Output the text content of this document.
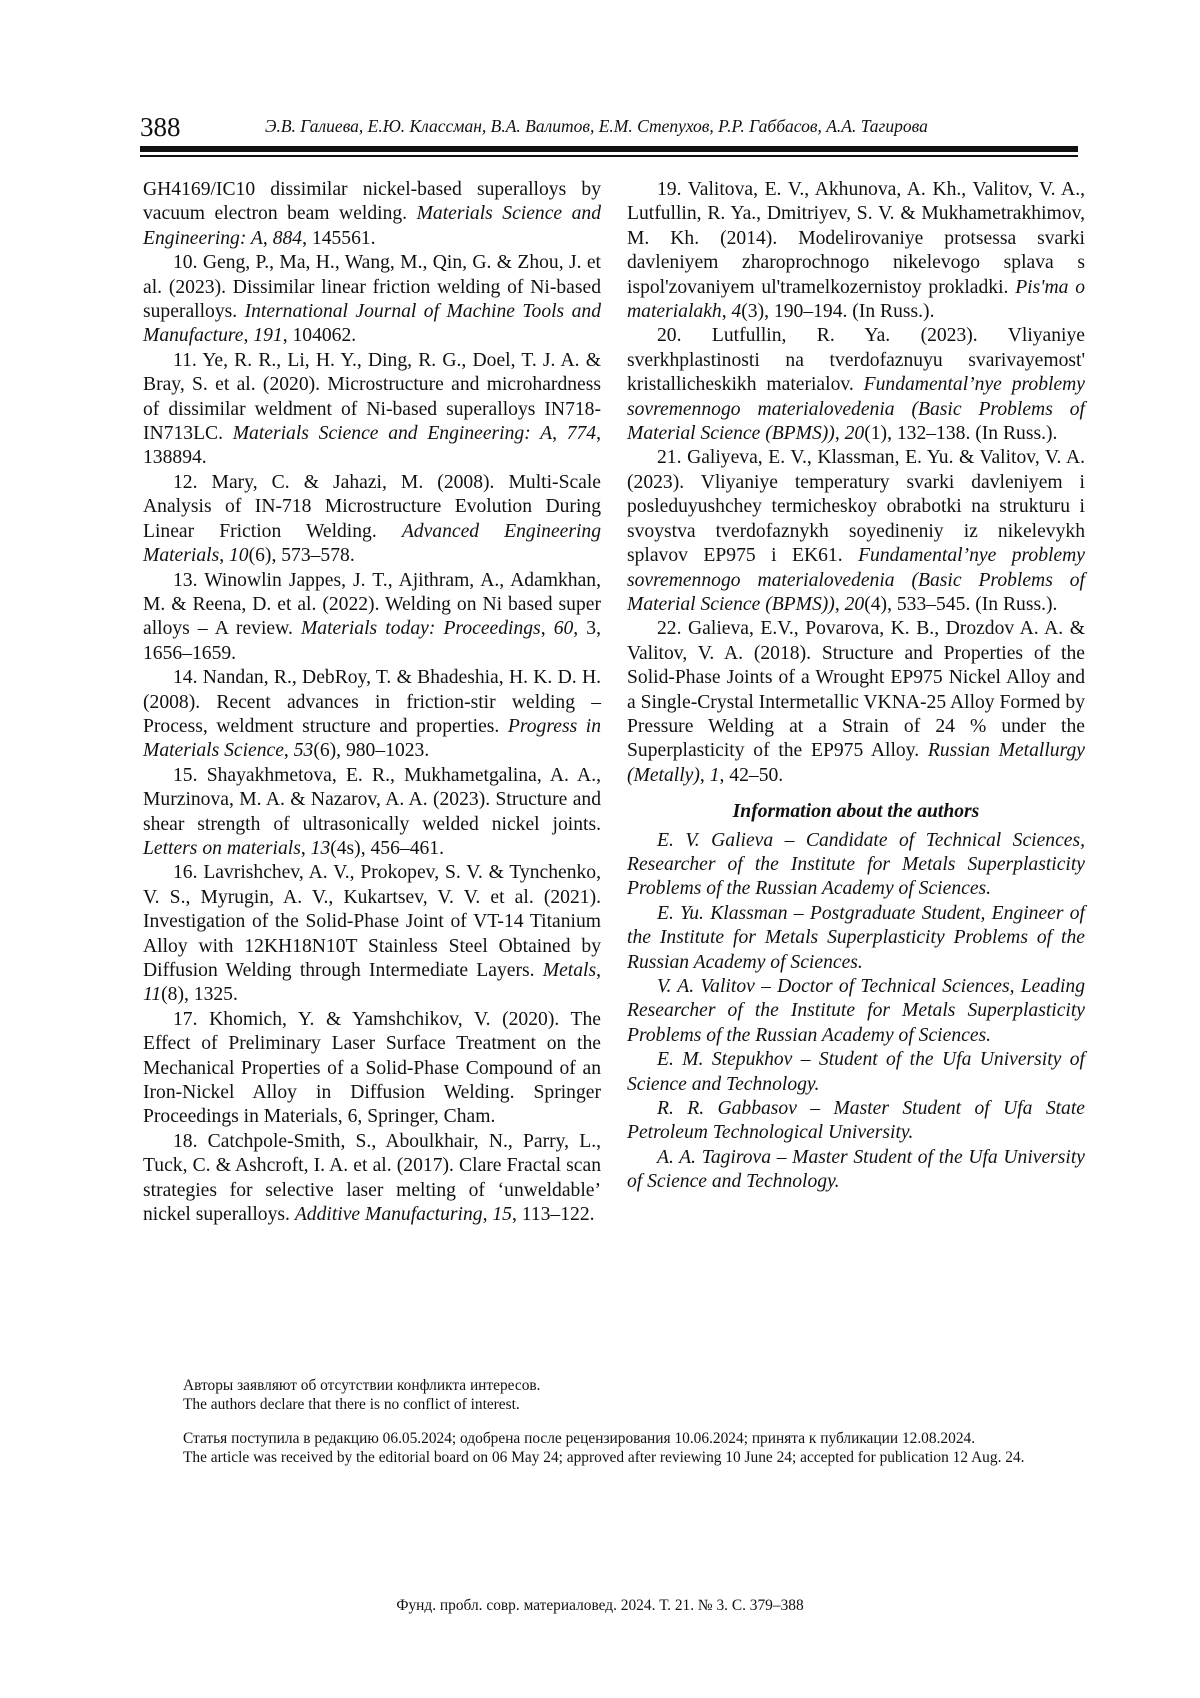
388	Э.В. Галиева, Е.Ю. Классман, В.А. Валитов, Е.М. Степухов, Р.Р. Габбасов, А.А. Тагирова
GH4169/IC10 dissimilar nickel-based superalloys by vacuum electron beam welding. Materials Science and Engineering: A, 884, 145561.
10. Geng, P., Ma, H., Wang, M., Qin, G. & Zhou, J. et al. (2023). Dissimilar linear friction welding of Ni-based superalloys. International Journal of Machine Tools and Manufacture, 191, 104062.
11. Ye, R. R., Li, H. Y., Ding, R. G., Doel, T. J. A. & Bray, S. et al. (2020). Microstructure and microhardness of dissimilar weldment of Ni-based superalloys IN718-IN713LC. Materials Science and Engineering: A, 774, 138894.
12. Mary, C. & Jahazi, M. (2008). Multi-Scale Analysis of IN-718 Microstructure Evolution During Linear Friction Welding. Advanced Engineering Materials, 10(6), 573–578.
13. Winowlin Jappes, J. T., Ajithram, A., Adamkhan, M. & Reena, D. et al. (2022). Welding on Ni based super alloys – A review. Materials today: Proceedings, 60, 3, 1656–1659.
14. Nandan, R., DebRoy, T. & Bhadeshia, H. K. D. H. (2008). Recent advances in friction-stir welding – Process, weldment structure and properties. Progress in Materials Science, 53(6), 980–1023.
15. Shayakhmetova, E. R., Mukhametgalina, A. A., Murzinova, M. A. & Nazarov, A. A. (2023). Structure and shear strength of ultrasonically welded nickel joints. Letters on materials, 13(4s), 456–461.
16. Lavrishchev, A. V., Prokopev, S. V. & Tynchenko, V. S., Myrugin, A. V., Kukartsev, V. V. et al. (2021). Investigation of the Solid-Phase Joint of VT-14 Titanium Alloy with 12KH18N10T Stainless Steel Obtained by Diffusion Welding through Intermediate Layers. Metals, 11(8), 1325.
17. Khomich, Y. & Yamshchikov, V. (2020). The Effect of Preliminary Laser Surface Treatment on the Mechanical Properties of a Solid-Phase Compound of an Iron-Nickel Alloy in Diffusion Welding. Springer Proceedings in Materials, 6, Springer, Cham.
18. Catchpole-Smith, S., Aboulkhair, N., Parry, L., Tuck, C. & Ashcroft, I. A. et al. (2017). Clare Fractal scan strategies for selective laser melting of ‘unweldable’ nickel superalloys. Additive Manufacturing, 15, 113–122.
19. Valitova, E. V., Akhunova, A. Kh., Valitov, V. A., Lutfullin, R. Ya., Dmitriyev, S. V. & Mukhametrakhimov, M. Kh. (2014). Modelirovaniye protsessa svarki davleniyem zharoprochnogo nikelevogo splava s ispol'zovaniyem ul'tramelkozernistoy prokladki. Pis'ma o materialakh, 4(3), 190–194. (In Russ.).
20. Lutfullin, R. Ya. (2023). Vliyaniye sverkhplastinosti na tverdofaznuyu svarivayemost' kristallicheskikh materialov. Fundamental’nye problemy sovremennogo materialovedenia (Basic Problems of Material Science (BPMS)), 20(1), 132–138. (In Russ.).
21. Galiyeva, E. V., Klassman, E. Yu. & Valitov, V. A. (2023). Vliyaniye temperatury svarki davleniyem i posleduyushchey termicheskoy obrabotki na strukturu i svoystva tverdofaznykh soyedineniy iz nikelevykh splavov EP975 i EK61. Fundamental’nye problemy sovremennogo materialovedenia (Basic Problems of Material Science (BPMS)), 20(4), 533–545. (In Russ.).
22. Galieva, E.V., Povarova, K. B., Drozdov A. A. & Valitov, V. A. (2018). Structure and Properties of the Solid-Phase Joints of a Wrought EP975 Nickel Alloy and a Single-Crystal Intermetallic VKNA-25 Alloy Formed by Pressure Welding at a Strain of 24 % under the Superplasticity of the EP975 Alloy. Russian Metallurgy (Metally), 1, 42–50.
Information about the authors
E. V. Galieva – Candidate of Technical Sciences, Researcher of the Institute for Metals Superplasticity Problems of the Russian Academy of Sciences.
E. Yu. Klassman – Postgraduate Student, Engineer of the Institute for Metals Superplasticity Problems of the Russian Academy of Sciences.
V. A. Valitov – Doctor of Technical Sciences, Leading Researcher of the Institute for Metals Superplasticity Problems of the Russian Academy of Sciences.
E. M. Stepukhov – Student of the Ufa University of Science and Technology.
R. R. Gabbasov – Master Student of Ufa State Petroleum Technological University.
A. A. Tagirova – Master Student of the Ufa University of Science and Technology.
Авторы заявляют об отсутствии конфликта интересов.
The authors declare that there is no conflict of interest.
Статья поступила в редакцию 06.05.2024; одобрена после рецензирования 10.06.2024; принята к публикации 12.08.2024.
The article was received by the editorial board on 06 May 24; approved after reviewing 10 June 24; accepted for publication 12 Aug. 24.
Фунд. пробл. совр. материаловед. 2024. Т. 21. № 3. С. 379–388
